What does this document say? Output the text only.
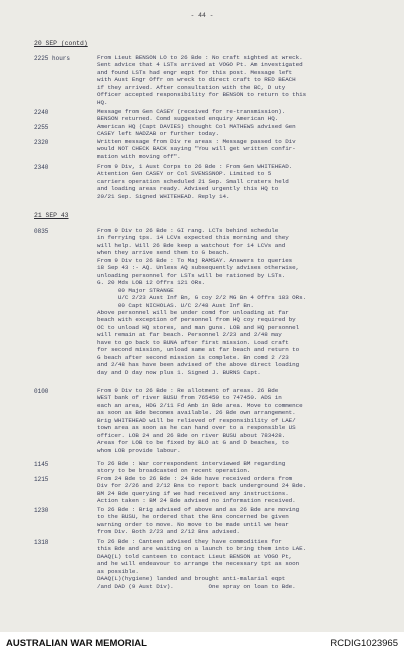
- 44 -
20 SEP (contd)
2225 hours	From Lieut BENSON LO to 26 Bde : No craft sighted at wreck.
Sent advice that 4 LSTs arrived at VOGO Pt. Am investigated
and found LSTs had engr eqpt for this post. Message left
with Aust Engr Offr on wreck to direct craft to RED BEACH
if they arrived. After consultation with the BC, D uty
Officer accepted responsibility for BENSON to return to this
HQ.
2240	Message from Gen CASEY (received for re-transmission).
BENSON returned. Comd suggested enquiry American HQ.
2255	American HQ (Capt DAVIES) thought Col MATHEWS advised Gen
CASEY left NADZAB or further today.
2320	Written message from Div re areas : Message passed to Div
would NOT CHECK BACK saying "You will get written confir-
mation with moving off".
2340	From 9 Div, 1 Aust Corps to 26 Bde : From Gen WHITEHEAD.
Attention Gen CASEY or Col SVENSSNOP. Limited to 5
carriers operation scheduled 21 Sep. Small craters held
and loading areas ready. Advised urgently this HQ to
20/21 Sep. Signed WHITEHEAD. Reply 14.
21 SEP 43
0835	From 9 Div to 26 Bde : GI rang. LCTs behind schedule
in ferrying tps. 14 LCVs expected this morning and they
will help. Will 26 Bde keep a watchout for 14 LCVs and
when they arrive send them to G beach.
From 9 Div to 26 Bde : To Maj RAMSAY. Answers to queries
18 Sep 43 :- AQ. Unless AQ subsequently advises otherwise,
unloading personnel for LSTs will be rationed by LSTs.
G. 20 Mds LOB 12 Offrs 121 ORs.
00 Major STRANGE
U/C 2/23 Aust Inf Bn, G coy 2/2 MG Bn 4 Offrs 183 ORs.
00 Capt NICHOLAS. U/C 2/48 Aust Inf Bn.
Above personnel will be under comd for unloading at far
beach with exception of personnel from HQ coy required by
OC to unload HQ stores, and man guns. LOB and HQ personnel
will remain at far beach. Personnel 2/23 and 2/48 may
have to go back to BUNA after first mission. Load craft
for second mission, unload same at far beach and return to
G beach after second mission is complete. Bn comd 2 /23
and 2/48 has have been advised of the above direct loading
day and D day now plus 1. Signed J. BURNS Capt.
0100	From 9 Div to 26 Bde : Re allotment of areas. 26 Bde
WEST bank of river BUSU from 765450 to 747450. ADS in
each an area, HDG 2/11 Fd Amb in Bde area. Move to commence
as soon as Bde becomes available. 26 Bde own arrangement.
Brig WHITEHEAD will be relieved of responsibility of LAE/
town area as soon as he can hand over to a responsible US
officer. LOB 24 and 26 Bde on river BUSU about 783428.
Areas for LOB to be fixed by BLO at G and D beaches, to
whom LOB provide labour.
1145	To 26 Bde : War correspondent interviewed BM regarding
story to be broadcasted on recent operation.
1215	From 24 Bde to 26 Bde : 24 Bde have received orders from
Div for 2/26 and 2/12 Bns to report back underground 24 Bde.
BM 24 Bde querying if we had received any instructions.
Action taken : BM 24 Bde advised no information received.
1230	To 26 Bde : Brig advised of above and as 26 Bde are moving
to the BUSU, he ordered that the Bns concerned be given
warning order to move. No move to be made until we hear
from Div. Both 2/23 and 2/12 Bns advised.
1318	To 26 Bde : Canteen advised they have commodities for
this Bde and are waiting on a launch to bring them into LAE.
DAAQ(L) told canteen to contact Lieut BENSON at VOGO Pt,
and he will endeavour to arrange the necessary tpt as soon
as possible.
DAAQ(L)(hygiene) landed and brought anti-malarial eqpt
/and DAD (9 Aust Div).          One spray on loan to Bde.
AUSTRALIAN WAR MEMORIAL	RCDIG1023965
